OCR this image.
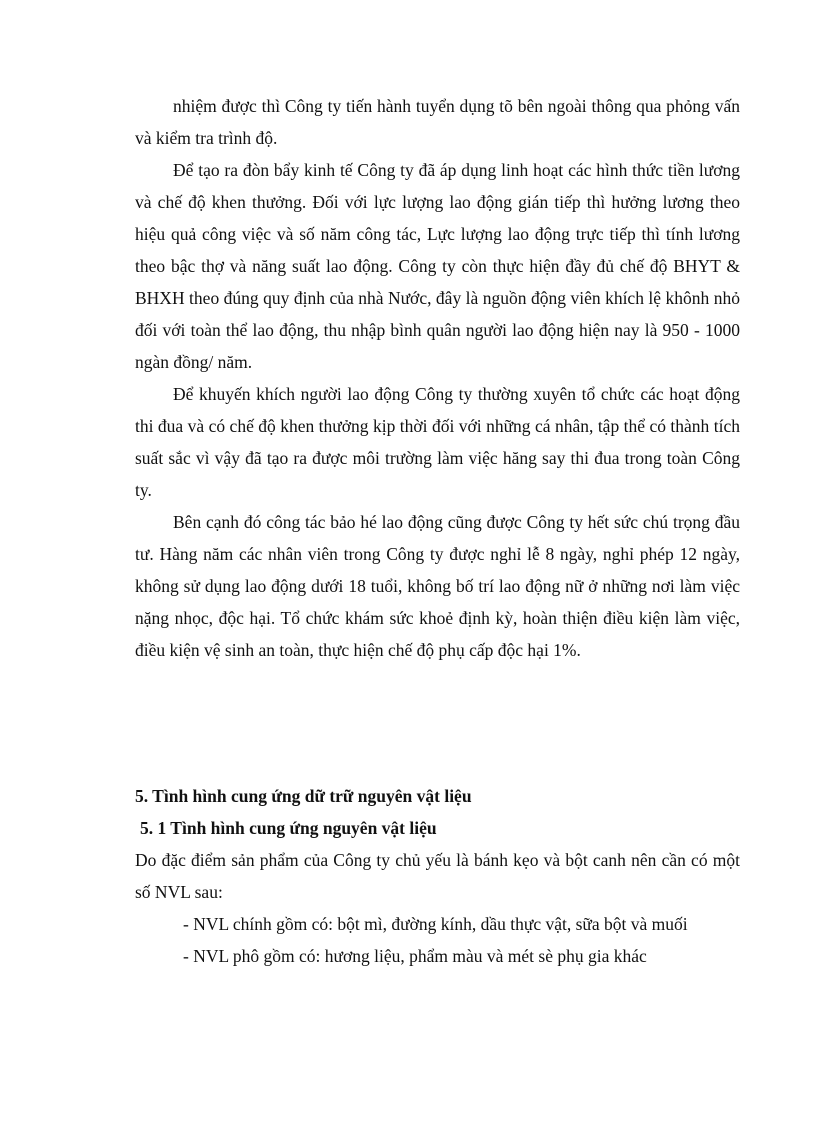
nhiệm được thì Công ty tiến hành tuyển dụng tõ bên ngoài thông qua phỏng vấn và kiểm tra trình độ.

Để tạo ra đòn bẩy kinh tế Công ty đã áp dụng linh hoạt các hình thức tiền lương và chế độ khen thưởng. Đối với lực lượng lao động gián tiếp thì hưởng lương theo hiệu quả công việc và số năm công tác, Lực lượng lao động trực tiếp thì tính lương theo bậc thợ và năng suất lao động. Công ty còn thực hiện đầy đủ chế độ BHYT & BHXH theo đúng quy định của nhà Nước, đây là nguồn động viên khích lệ khônh nhỏ đối với toàn thể lao động, thu nhập bình quân người lao động hiện nay là 950 - 1000 ngàn đồng/ năm.

Để khuyến khích người lao động Công ty thường xuyên tổ chức các hoạt động thi đua và có chế độ khen thưởng kịp thời đối với những cá nhân, tập thể có thành tích suất sắc vì vậy đã tạo ra được môi trường làm việc hăng say thi đua trong toàn Công ty.

Bên cạnh đó công tác bảo hé lao động cũng được Công ty hết sức chú trọng đầu tư. Hàng năm các nhân viên trong Công ty được nghỉ lễ 8 ngày, nghỉ phép 12 ngày, không sử dụng lao động dưới 18 tuổi, không bố trí lao động nữ ở những nơi làm việc nặng nhọc, độc hại. Tổ chức khám sức khoẻ định kỳ, hoàn thiện điều kiện làm việc, điều kiện vệ sinh an toàn, thực hiện chế độ phụ cấp độc hại 1%.

5. Tình hình cung ứng dữ trữ nguyên vật liệu
5. 1 Tình hình cung ứng nguyên vật liệu

Do đặc điểm sản phẩm của Công ty chủ yếu là bánh kẹo và bột canh nên cần có một số NVL sau:

- NVL chính gồm có: bột mì, đường kính, dầu thực vật, sữa bột và muối

- NVL phô gồm có: hương liệu, phẩm màu và mét sè phụ gia khác
